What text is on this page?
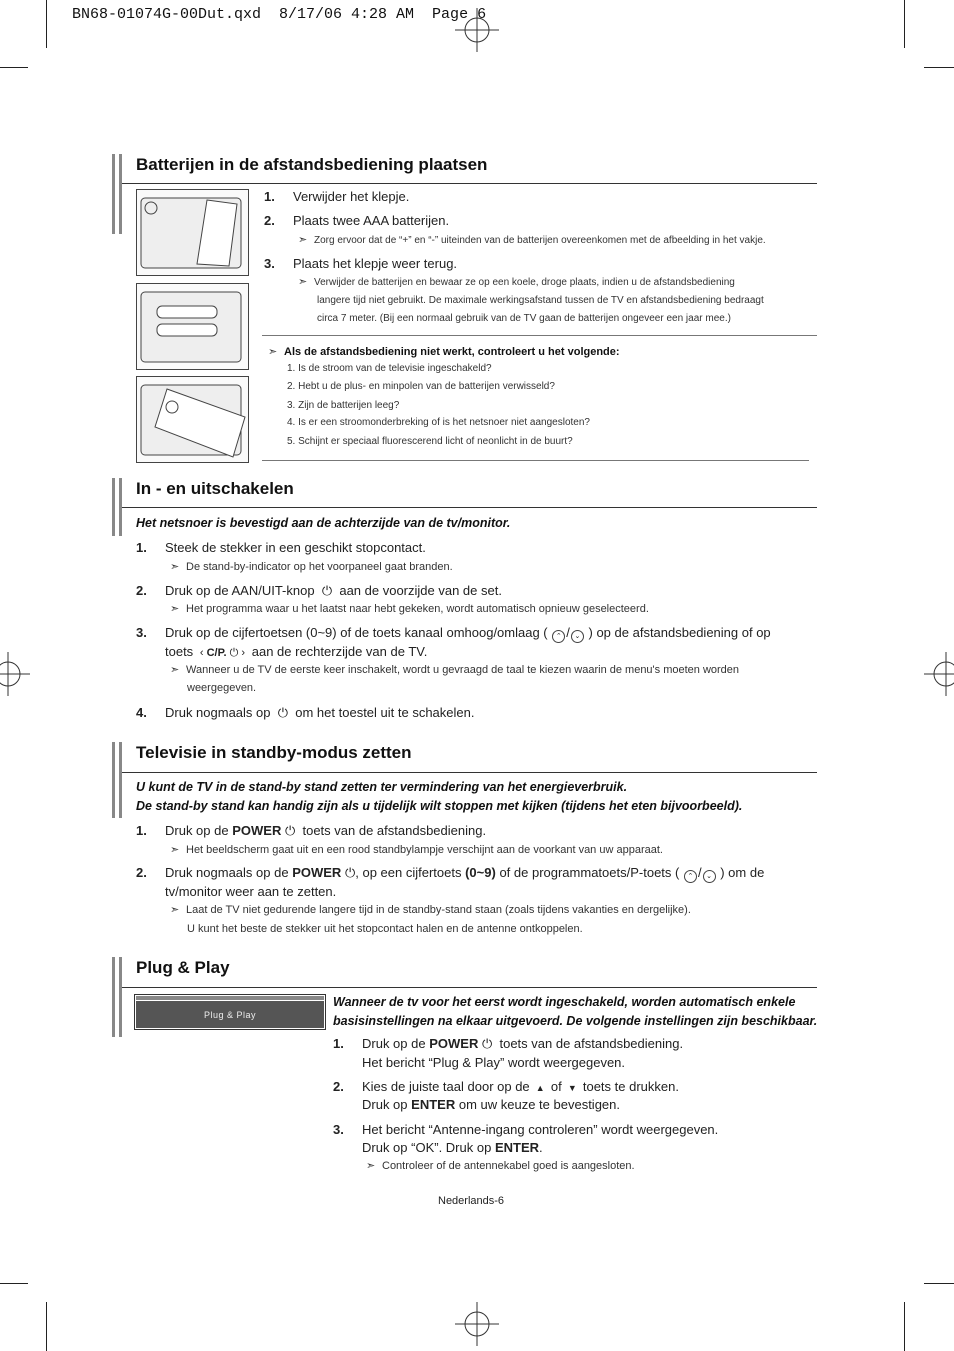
BN68-01074G-00Dut.qxd  8/17/06 4:28 AM  Page 6
Batterijen in de afstandsbediening plaatsen
1. Verwijder het klepje.
2. Plaats twee AAA batterijen.
➣ Zorg ervoor dat de “+” en “-” uiteinden van de batterijen overeenkomen met de afbeelding in het vakje.
3. Plaats het klepje weer terug.
➣ Verwijder de batterijen en bewaar ze op een koele, droge plaats, indien u de afstandsbediening
langere tijd niet gebruikt. De maximale werkingsafstand tussen de TV en afstandsbediening bedraagt
circa 7 meter. (Bij een normaal gebruik van de TV gaan de batterijen ongeveer een jaar mee.)
➣ Als de afstandsbediening niet werkt, controleert u het volgende:
1. Is de stroom van de televisie ingeschakeld?
2. Hebt u de plus- en minpolen van de batterijen verwisseld?
3. Zijn de batterijen leeg?
4. Is er een stroomonderbreking of is het netsnoer niet aangesloten?
5. Schijnt er speciaal fluorescerend licht of neonlicht in de buurt?
In - en uitschakelen
Het netsnoer is bevestigd aan de achterzijde van de tv/monitor.
1. Steek de stekker in een geschikt stopcontact.
➣ De stand-by-indicator op het voorpaneel gaat branden.
2. Druk op de AAN/UIT-knop  ⏻  aan de voorzijde van de set.
➣ Het programma waar u het laatst naar hebt gekeken, wordt automatisch opnieuw geselecteerd.
3. Druk op de cijfertoetsen (0~9) of de toets kanaal omhoog/omlaag ( ⌃ / ⌄ ) op de afstandsbediening of op
toets  ‹ C/P. ⏻ ›  aan de rechterzijde van de TV.
➣ Wanneer u de TV de eerste keer inschakelt, wordt u gevraagd de taal te kiezen waarin de menu's moeten worden
weergegeven.
4. Druk nogmaals op  ⏻  om het toestel uit te schakelen.
Televisie in standby-modus zetten
U kunt de TV in de stand-by stand zetten ter vermindering van het energieverbruik.
De stand-by stand kan handig zijn als u tijdelijk wilt stoppen met kijken (tijdens het eten bijvoorbeeld).
1. Druk op de POWER ⏻  toets van de afstandsbediening.
➣ Het beeldscherm gaat uit en een rood standbylampje verschijnt aan de voorkant van uw apparaat.
2. Druk nogmaals op de POWER ⏻, op een cijfertoets (0~9) of de programmatoets/P-toets ( ⌃ / ⌄ ) om de
tv/monitor weer aan te zetten.
➣ Laat de TV niet gedurende langere tijd in de standby-stand staan (zoals tijdens vakanties en dergelijke).
U kunt het beste de stekker uit het stopcontact halen en de antenne ontkoppelen.
Plug & Play
Plug & Play
Wanneer de tv voor het eerst wordt ingeschakeld, worden automatisch enkele
basisinstellingen na elkaar uitgevoerd. De volgende instellingen zijn beschikbaar.
1. Druk op de POWER ⏻  toets van de afstandsbediening.
Het bericht “Plug & Play” wordt weergegeven.
2. Kies de juiste taal door op de  ▲  of  ▼  toets te drukken.
Druk op ENTER om uw keuze te bevestigen.
3. Het bericht “Antenne-ingang controleren” wordt weergegeven.
Druk op “OK”. Druk op ENTER.
➣ Controleer of de antennekabel goed is aangesloten.
Nederlands-6
